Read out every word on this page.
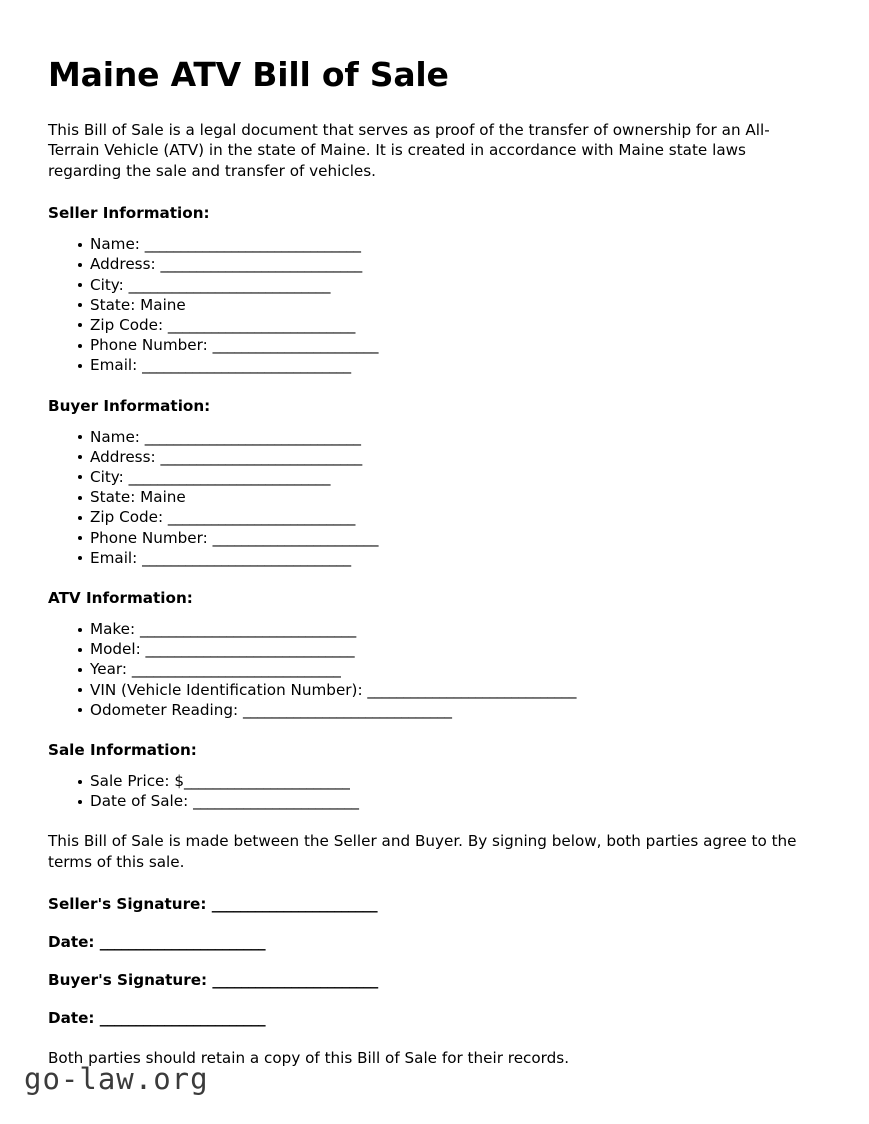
Maine ATV Bill of Sale

This Bill of Sale is a legal document that serves as proof of the transfer of ownership for an All-Terrain Vehicle (ATV) in the state of Maine. It is created in accordance with Maine state laws regarding the sale and transfer of vehicles.

Seller Information:
Name: ______________________________
Address: ____________________________
City: ____________________________
State: Maine
Zip Code: __________________________
Phone Number: _______________________
Email: _____________________________
Buyer Information:
Name: ______________________________
Address: ____________________________
City: ____________________________
State: Maine
Zip Code: __________________________
Phone Number: _______________________
Email: _____________________________
ATV Information:
Make: ______________________________
Model: _____________________________
Year: _____________________________
VIN (Vehicle Identification Number): _____________________________
Odometer Reading: _____________________________
Sale Information:
Sale Price: $_______________________
Date of Sale: _______________________

This Bill of Sale is made between the Seller and Buyer. By signing below, both parties agree to the terms of this sale.

Seller's Signature: _______________________
Date: _______________________
Buyer's Signature: _______________________
Date: _______________________

Both parties should retain a copy of this Bill of Sale for their records.

go-law.org
